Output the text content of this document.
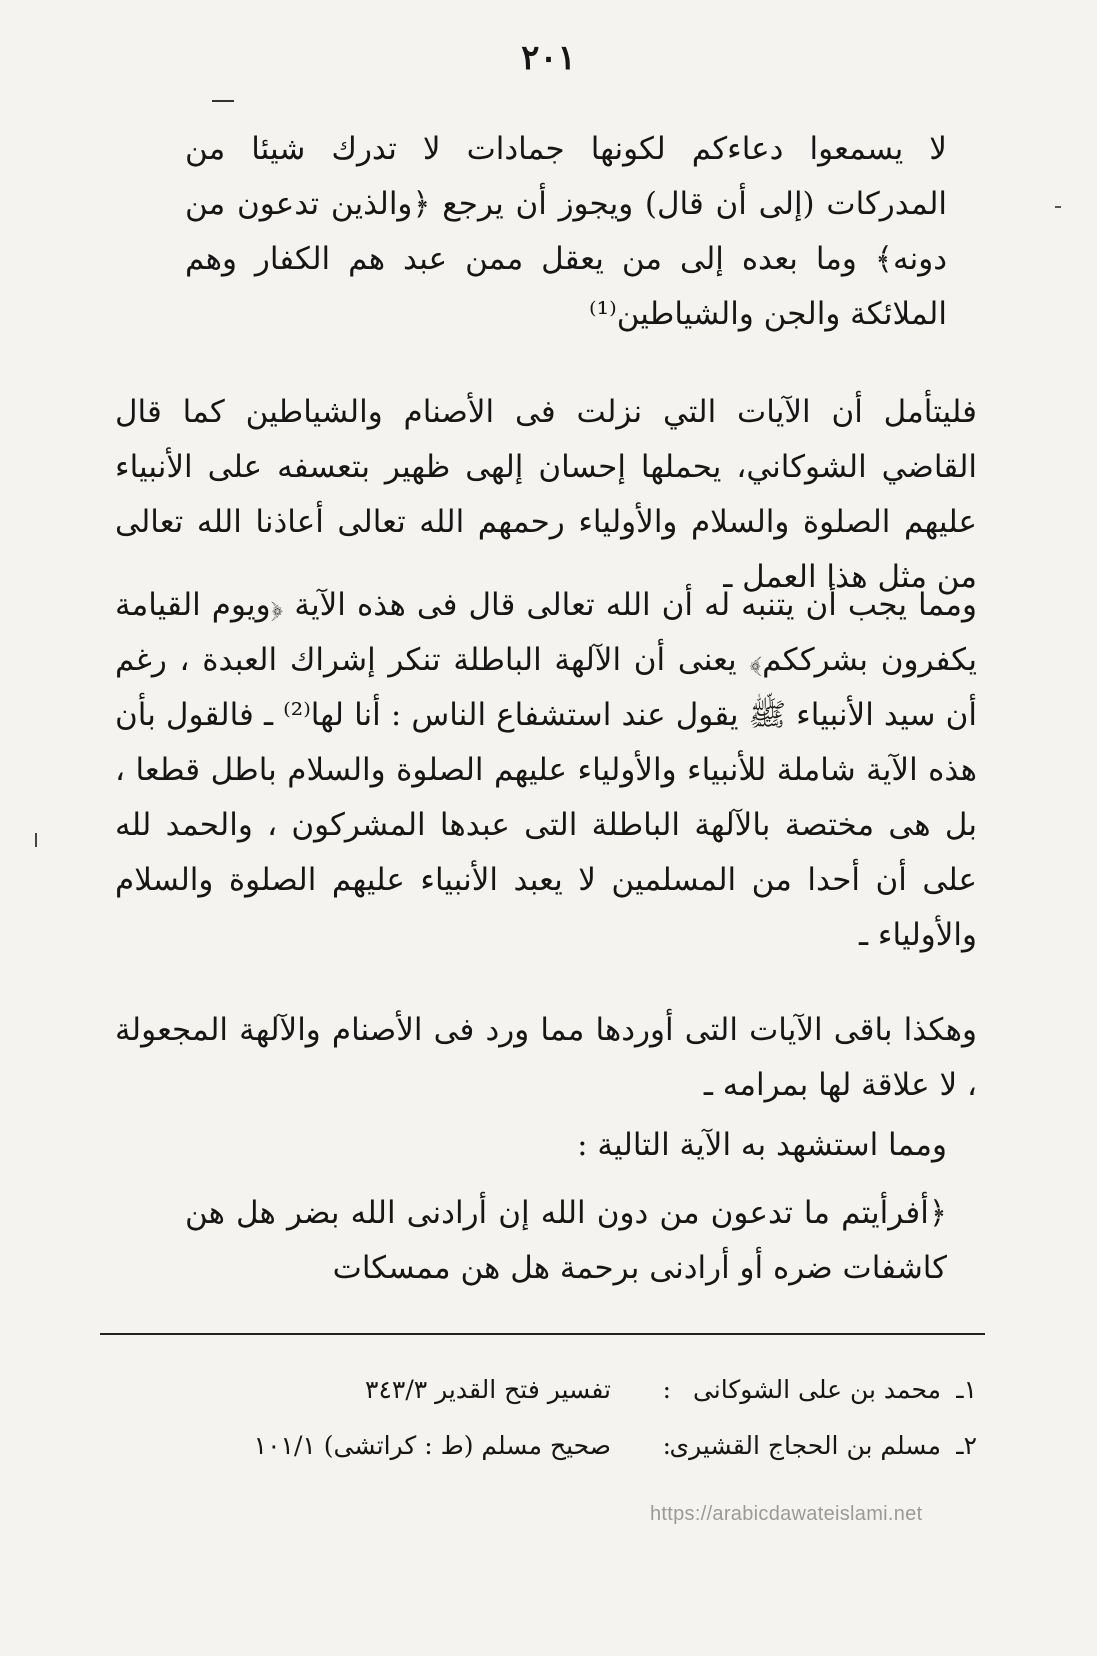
٢٠١

لا يسمعوا دعاءكم لكونها جمادات لا تدرك شيئا من المدركات (إلى أن قال) ويجوز أن يرجع ﴿والذين تدعون من دونه﴾ وما بعده إلى من يعقل ممن عبد هم الكفار وهم الملائكة والجن والشياطين⁽¹⁾

فليتأمل أن الآيات التي نزلت فى الأصنام والشياطين كما قال القاضي الشوكاني، يحملها إحسان إلهى ظهير بتعسفه على الأنبياء عليهم الصلوة والسلام والأولياء رحمهم الله تعالى أعاذنا الله تعالى من مثل هذا العمل ـ

ومما يجب أن يتنبه له أن الله تعالى قال فى هذه الآية ﴿ويوم القيامة يكفرون بشرككم﴾ يعنى أن الآلهة الباطلة تنكر إشراك العبدة ، رغم أن سيد الأنبياء ﷺ يقول عند استشفاع الناس : أنا لها⁽²⁾ ـ فالقول بأن هذه الآية شاملة للأنبياء والأولياء عليهم الصلوة والسلام باطل قطعا ، بل هى مختصة بالآلهة الباطلة التى عبدها المشركون ، والحمد لله على أن أحدا من المسلمين لا يعبد الأنبياء عليهم الصلوة والسلام والأولياء ـ

وهكذا باقى الآيات التى أوردها مما ورد فى الأصنام والآلهة المجعولة ، لا علاقة لها بمرامه ـ

ومما استشهد به الآية التالية :

﴿أفرأيتم ما تدعون من دون الله إن أرادنى الله بضر هل هن كاشفات ضره أو أرادنى برحمة هل هن ممسكات

١ـ
محمد بن على الشوكانى
:
تفسير فتح القدير ٣٤٣/٣
٢ـ
مسلم بن الحجاج القشيرى
:
صحيح مسلم (ط : كراتشى) ١٠١/١
https://arabicdawateislami.net
